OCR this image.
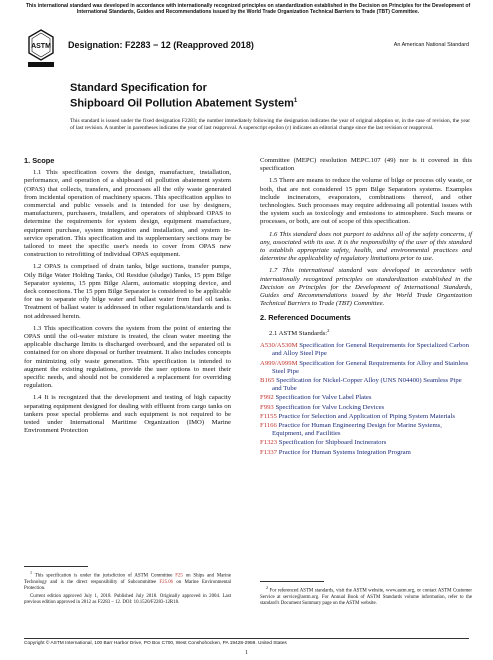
This international standard was developed in accordance with internationally recognized principles on standardization established in the Decision on Principles for the Development of International Standards, Guides and Recommendations issued by the World Trade Organization Technical Barriers to Trade (TBT) Committee.
ASTM Designation: F2283 − 12 (Reapproved 2018)	An American National Standard
Standard Specification for
Shipboard Oil Pollution Abatement System$^1$
This standard is issued under the fixed designation F2283; the number immediately following the designation indicates the year of original adoption or, in the case of revision, the year of last revision. A number in parentheses indicates the year of last reapproval. A superscript epsilon (ε) indicates an editorial change since the last revision or reapproval.
1. Scope

1.1 This specification covers the design, manufacture, installation, performance, and operation of a shipboard oil pollution abatement system (OPAS) that collects, transfers, and processes all the oily waste generated from incidental operation of machinery spaces. This specification applies to commercial and public vessels and is intended for use by designers, manufacturers, purchasers, installers, and operators of shipboard OPAS to determine the requirements for system design, equipment manufacture, equipment purchase, system integration and installation, and system in-service operation. This specification and its supplementary sections may be tailored to meet the specific user's needs to cover from OPAS new construction to retrofitting of individual OPAS equipment.

1.2 OPAS is comprised of drain tanks, bilge suctions, transfer pumps, Oily Bilge Water Holding Tanks, Oil Residue (sludge) Tanks, 15 ppm Bilge Separator systems, 15 ppm Bilge Alarm, automatic stopping device, and deck connections. The 15 ppm Bilge Separator is considered to be applicable for use to separate oily bilge water and ballast water from fuel oil tanks. Treatment of ballast water is addressed in other regulations/standards and is not addressed herein.

1.3 This specification covers the system from the point of entering the OPAS until the oil-water mixture is treated, the clean water meeting the applicable discharge limits is discharged overboard, and the separated oil is contained for on shore disposal or further treatment. It also includes concepts for minimizing oily waste generation. This specification is intended to augment the existing regulations, provide the user options to meet their specific needs, and should not be considered a replacement for overriding regulation.

1.4 It is recognized that the development and testing of high capacity separating equipment designed for dealing with effluent from cargo tanks on tankers pose special problems and such equipment is not required to be tested under International Maritime Organization (IMO) Marine Environment Protection

Committee (MEPC) resolution MEPC.107 (49) nor is it covered in this specification

1.5 There are means to reduce the volume of bilge or process oily waste, or both, that are not considered 15 ppm Bilge Separators systems. Examples include incinerators, evaporators, combinations thereof, and other technologies. Such processes may require addressing all potential issues with the system such as toxicology and emissions to atmosphere. Such means or processes, or both, are out of scope of this specification.

1.6 This standard does not purport to address all of the safety concerns, if any, associated with its use. It is the responsibility of the user of this standard to establish appropriate safety, health, and environmental practices and determine the applicability of regulatory limitations prior to use.

1.7 This international standard was developed in accordance with internationally recognized principles on standardization established in the Decision on Principles for the Development of International Standards, Guides and Recommendations issued by the World Trade Organization Technical Barriers to Trade (TBT) Committee.

2. Referenced Documents

2.1 ASTM Standards:$^2$

A530/A530M Specification for General Requirements for Specialized Carbon and Alloy Steel Pipe
A999/A999M Specification for General Requirements for Alloy and Stainless Steel Pipe
B165 Specification for Nickel-Copper Alloy (UNS N04400) Seamless Pipe and Tube
F992 Specification for Valve Label Plates
F993 Specification for Valve Locking Devices
F1155 Practice for Selection and Application of Piping System Materials
F1166 Practice for Human Engineering Design for Marine Systems, Equipment, and Facilities
F1323 Specification for Shipboard Incinerators
F1337 Practice for Human Systems Integration Program

$^1$ This specification is under the jurisdiction of ASTM Committee F25 on Ships and Marine Technology and is the direct responsibility of Subcommittee F25.06 on Marine Environmental Protection.

Current edition approved July 1, 2018. Published July 2018. Originally approved in 2004. Last previous edition approved in 2012 as F2283 – 12. DOI: 10.1520/F2283-12R18.

$^2$ For referenced ASTM standards, visit the ASTM website, www.astm.org, or contact ASTM Customer Service at service@astm.org. For Annual Book of ASTM Standards volume information, refer to the standard's Document Summary page on the ASTM website.

Copyright © ASTM International, 100 Barr Harbor Drive, PO Box C700, West Conshohocken, PA 19428-2959. United States
1
